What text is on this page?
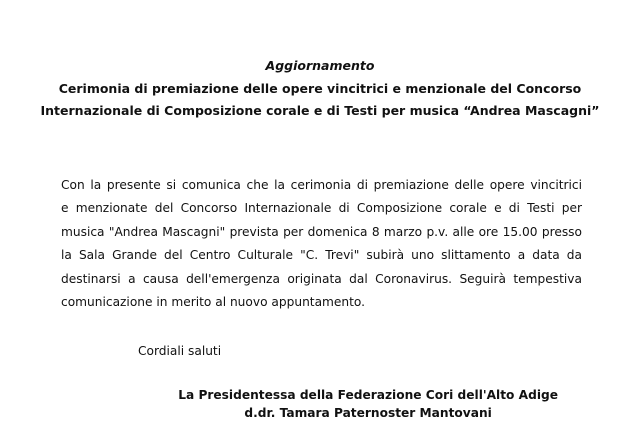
Aggiornamento
Cerimonia di premiazione delle opere vincitrici e menzionale del Concorso
Internazionale di Composizione corale e di Testi per musica “Andrea Mascagni”
Con la presente si comunica che la cerimonia di premiazione delle opere vincitrici
e menzionate del Concorso Internazionale di Composizione corale e di Testi per
musica "Andrea Mascagni" prevista per domenica 8 marzo p.v. alle ore 15.00 presso
la Sala Grande del Centro Culturale "C. Trevi" subirà uno slittamento a data da
destinarsi a causa dell'emergenza originata dal Coronavirus. Seguirà tempestiva
comunicazione in merito al nuovo appuntamento.
Cordiali saluti
La Presidentessa della Federazione Cori dell'Alto Adige
d.dr. Tamara Paternoster Mantovani
